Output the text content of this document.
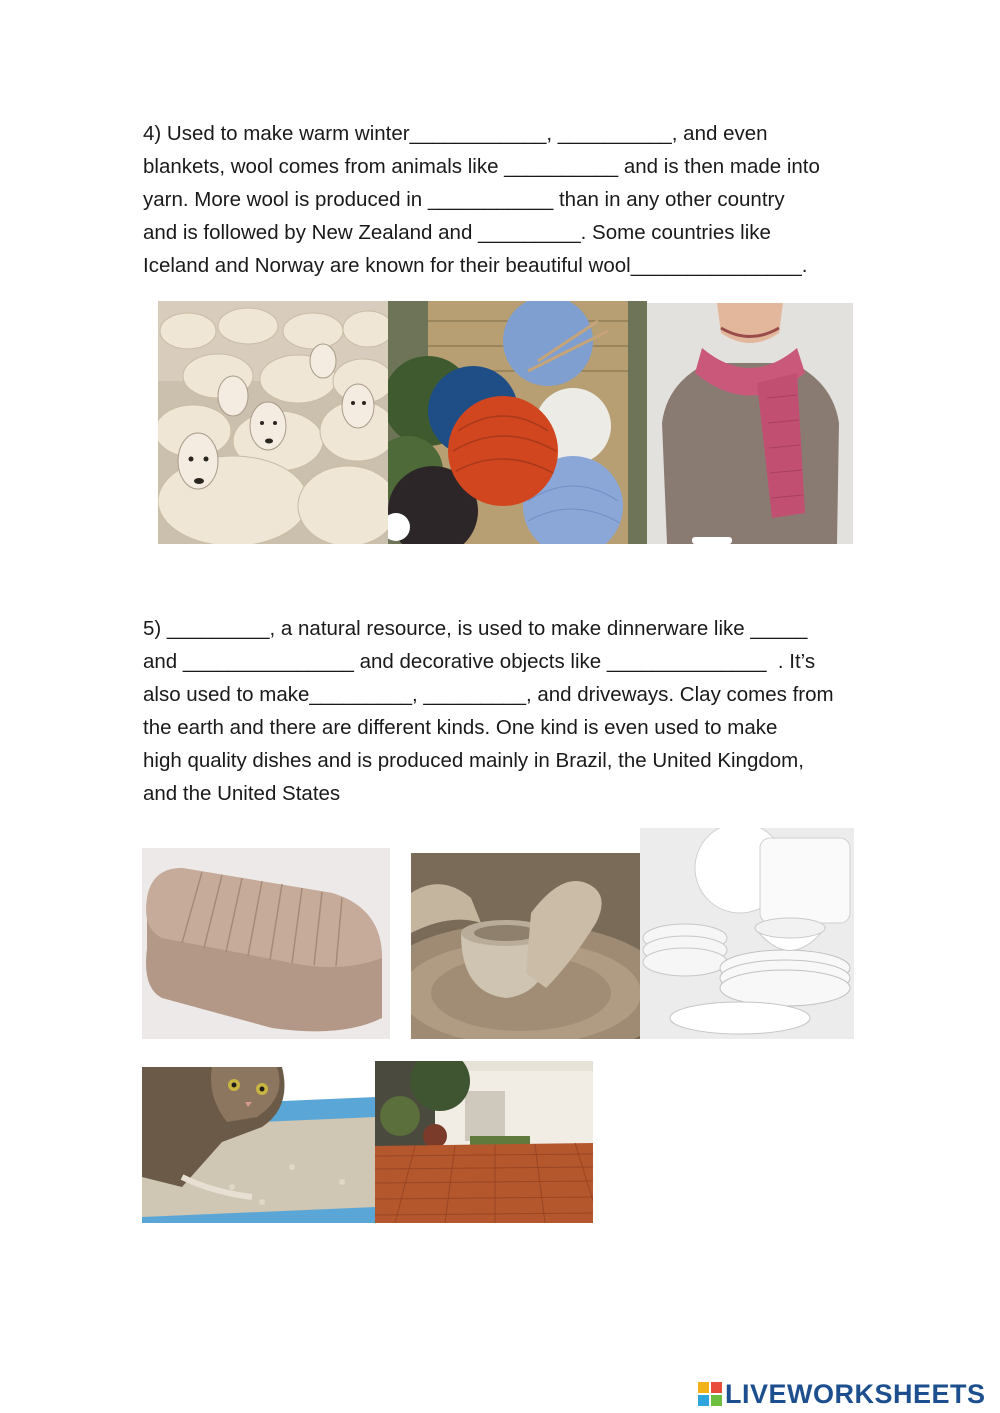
4) Used to make warm winter____________, __________, and even
blankets, wool comes from animals like __________ and is then made into
yarn. More wool is produced in ___________ than in any other country
and is followed by New Zealand and _________. Some countries like
Iceland and Norway are known for their beautiful wool_______________.
5) _________, a natural resource, is used to make dinnerware like _____
and _______________ and decorative objects like ______________  . It’s
also used to make_________, _________, and driveways. Clay comes from
the earth and there are different kinds. One kind is even used to make
high quality dishes and is produced mainly in Brazil, the United Kingdom,
and the United States
LIVEWORKSHEETS
